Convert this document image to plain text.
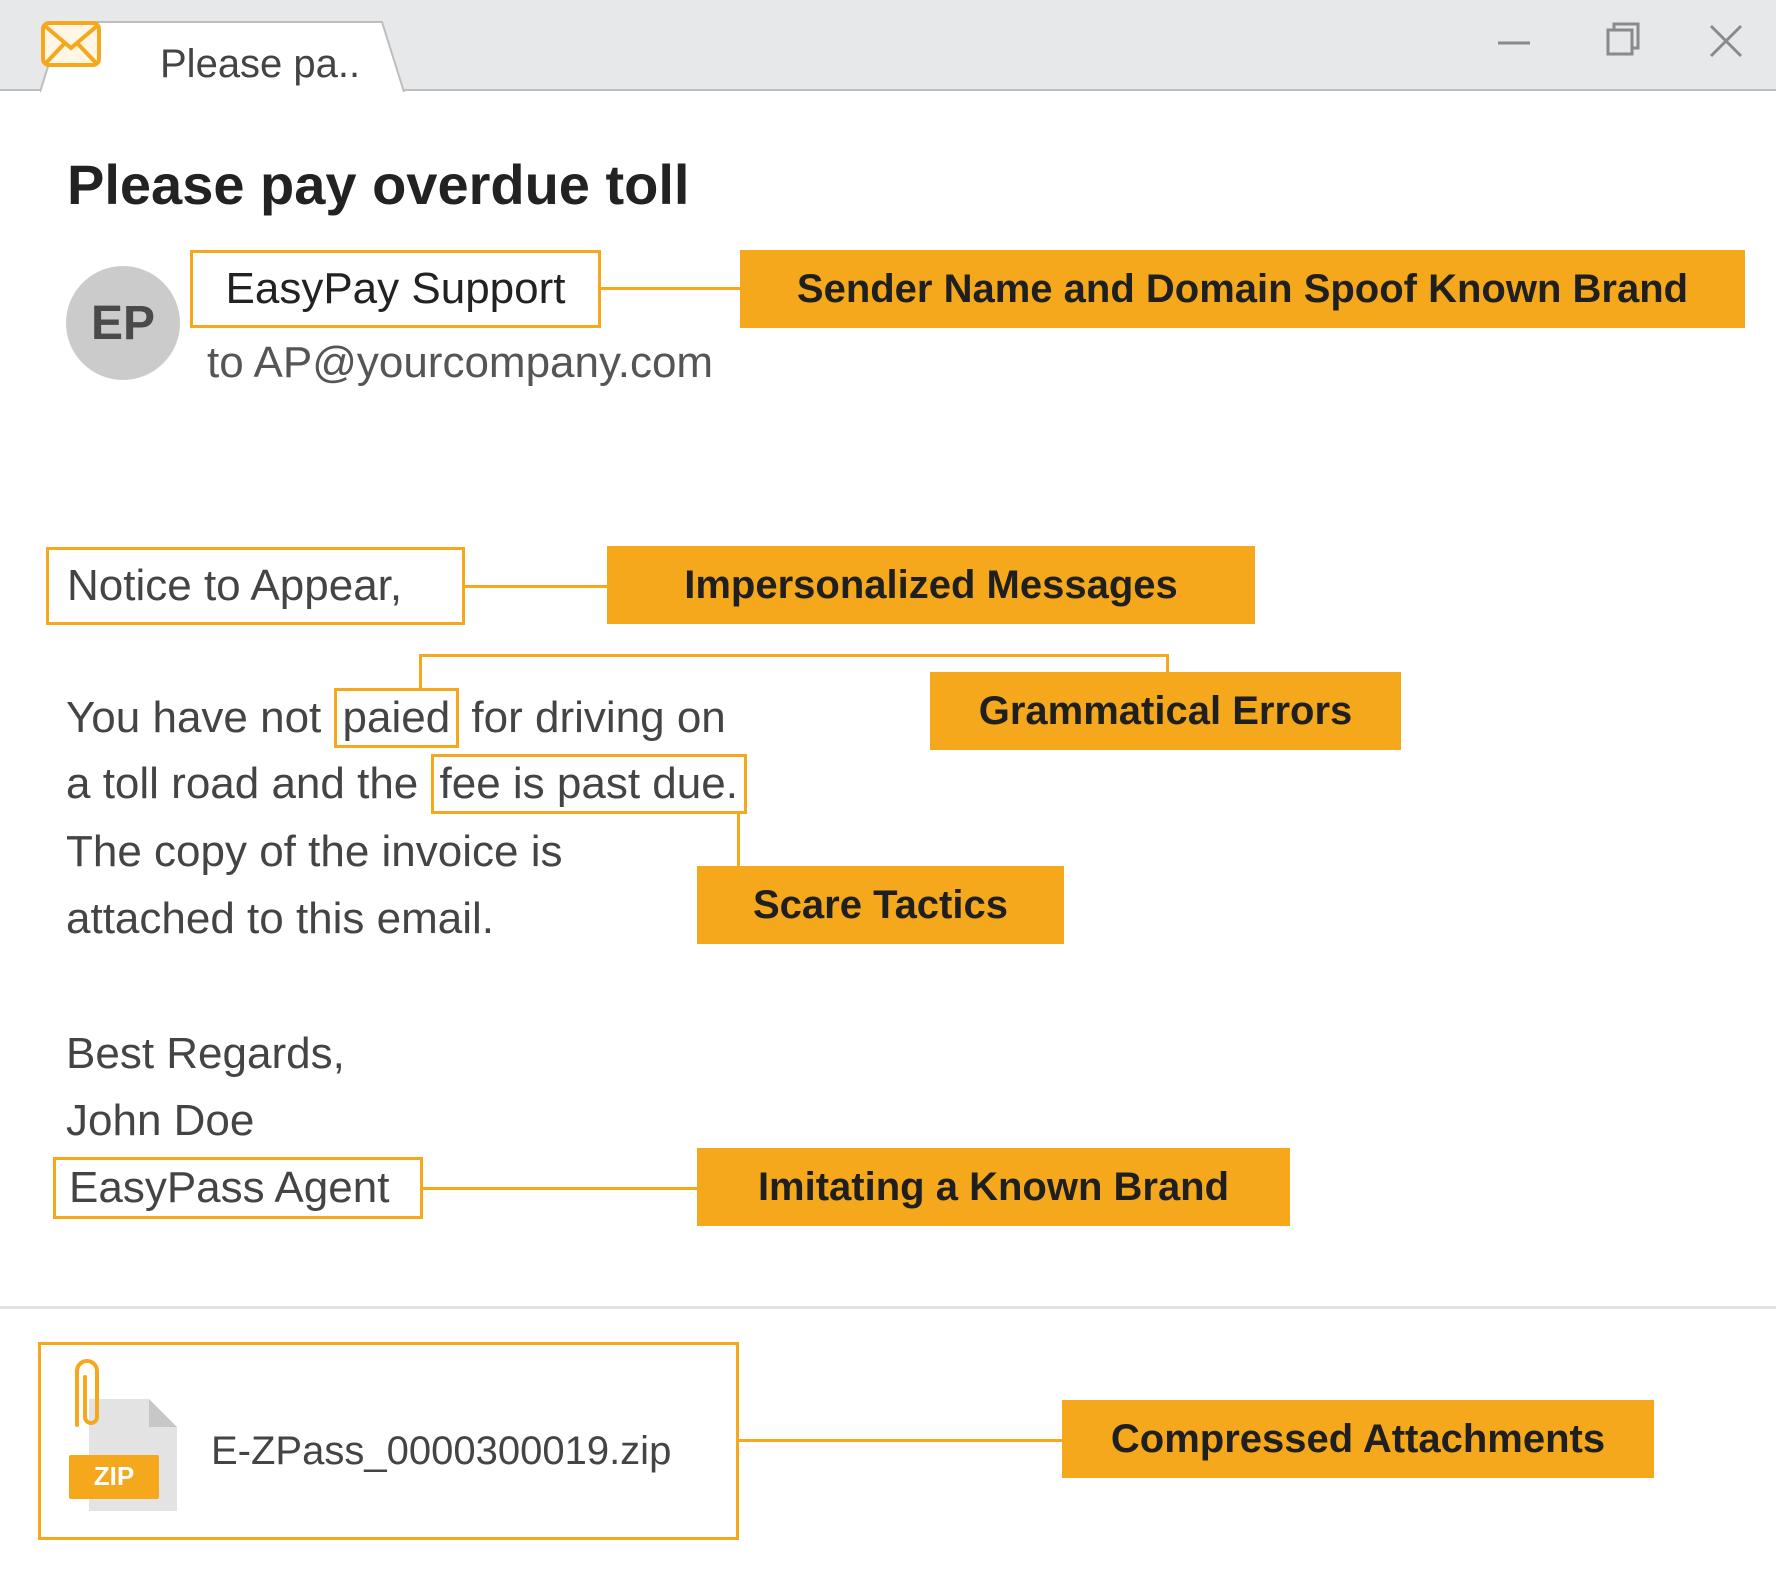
Please pa..
Please pay overdue toll
EP
EasyPay Support
to AP@yourcompany.com
Sender Name and Domain Spoof Known Brand
Notice to Appear,	Impersonalized Messages
You have not paied for driving on	Grammatical Errors
a toll road and the fee is past due.
Scare Tactics
The copy of the invoice is
attached to this email.
Best Regards,
John Doe
EasyPass Agent	Imitating a Known Brand
ZIP
E-ZPass_0000300019.zip	Compressed Attachments
